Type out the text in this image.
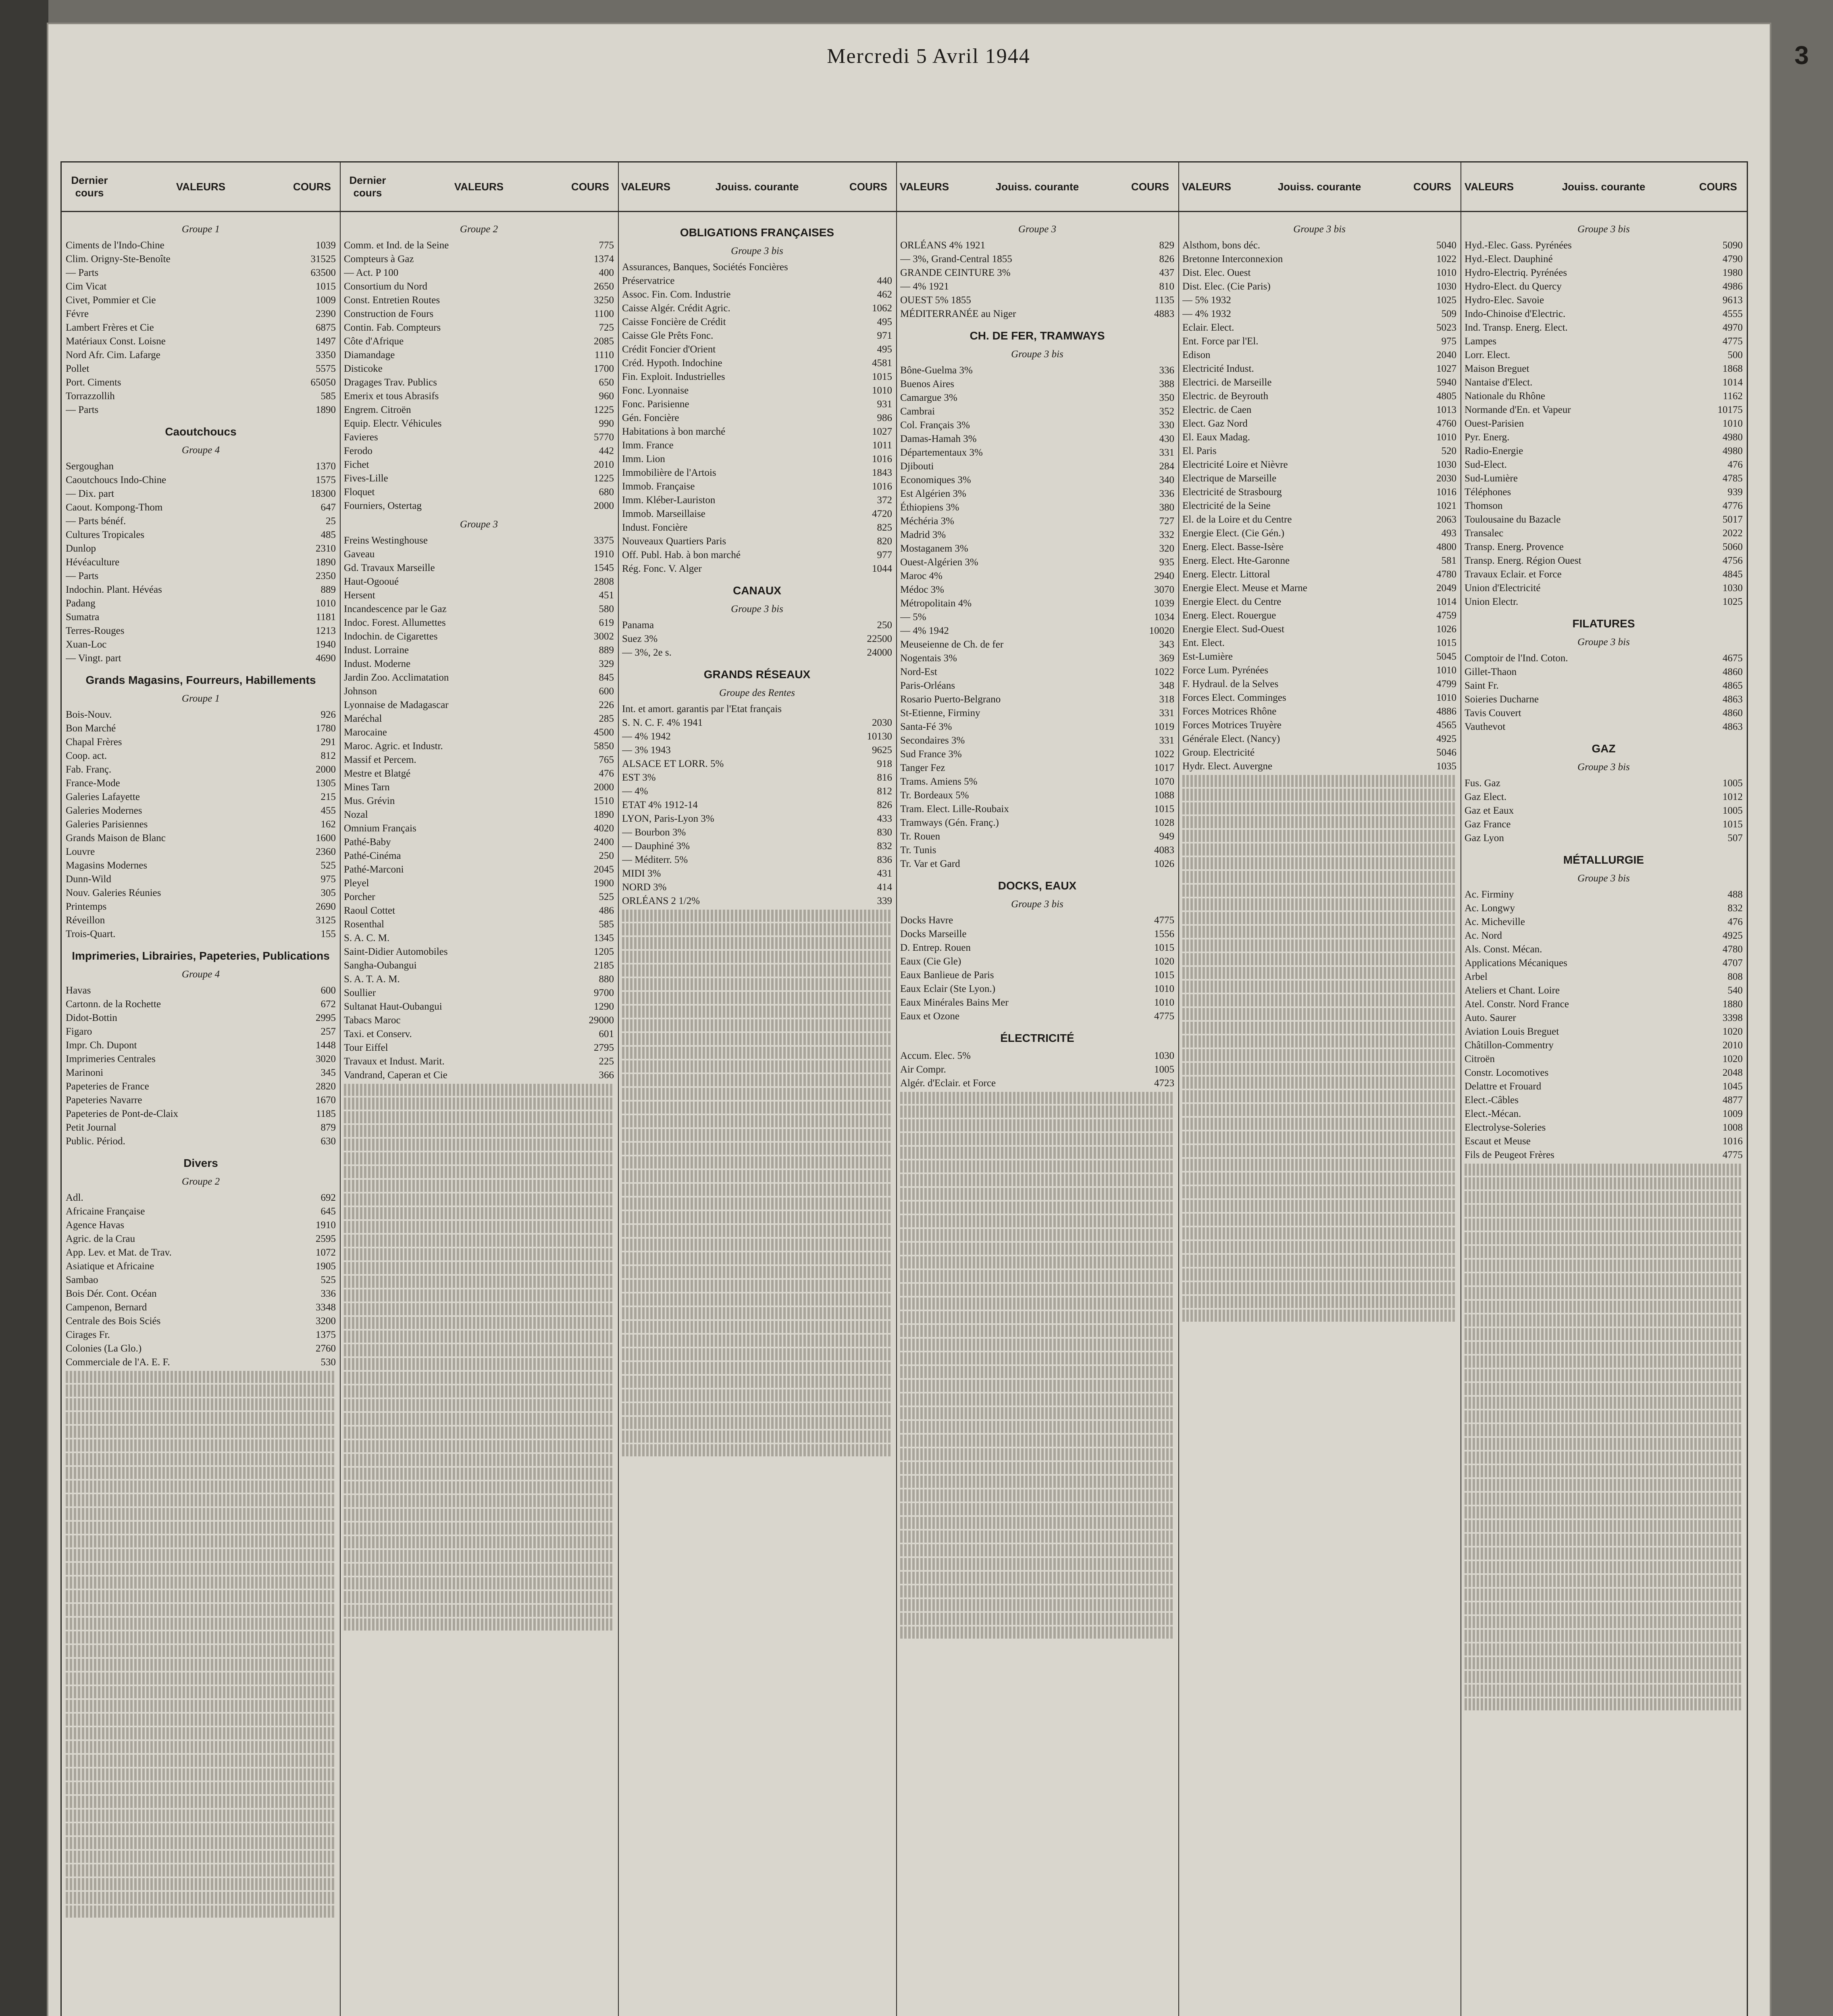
Mercredi 5 Avril 1944	3
Dernier cours
VALEURS	COURS
Groupe 1
Ciments de l'Indo-Chine	1039
Clim. Origny-Ste-Benoîte	31525
— Parts	63500
Cim Vicat	1015
Civet, Pommier et Cie	1009
Févre	2390
Lambert Frères et Cie	6875
Matériaux Const. Loisne	1497
Nord Afr. Cim. Lafarge	3350
Pollet	5575
Port. Ciments	65050
Torrazzollih	585
— Parts	1890
Caoutchoucs
Groupe 4
Sergoughan	1370
Caoutchoucs Indo-Chine	1575
— Dix. part	18300
Caout. Kompong-Thom	647
— Parts bénéf.	25
Cultures Tropicales	485
Dunlop	2310
Hévéaculture	1890
— Parts	2350
Indochin. Plant. Hévéas	889
Padang	1010
Sumatra	1181
Terres-Rouges	1213
Xuan-Loc	1940
— Vingt. part	4690
Grands Magasins, Fourreurs, Habillements
Groupe 1
Bois-Nouv.	926
Bon Marché	1780
Chapal Frères	291
Coop. act.	812
Fab. Franç.	2000
France-Mode	1305
Galeries Lafayette	215
Galeries Modernes	455
Galeries Parisiennes	162
Grands Maison de Blanc	1600
Louvre	2360
Magasins Modernes	525
Dunn-Wild	975
Nouv. Galeries Réunies	305
Printemps	2690
Réveillon	3125
Trois-Quart.	155
Imprimeries, Librairies, Papeteries, Publications
Groupe 4
Havas	600
Cartonn. de la Rochette	672
Didot-Bottin	2995
Figaro	257
Impr. Ch. Dupont	1448
Imprimeries Centrales	3020
Marinoni	345
Papeteries de France	2820
Papeteries Navarre	1670
Papeteries de Pont-de-Claix	1185
Petit Journal	879
Public. Périod.	630
Divers
Groupe 2
Adl.	692
Africaine Française	645
Agence Havas	1910
Agric. de la Crau	2595
App. Lev. et Mat. de Trav.	1072
Asiatique et Africaine	1905
Sambao	525
Bois Dér. Cont. Océan	336
Campenon, Bernard	3348
Centrale des Bois Sciés	3200
Cirages Fr.	1375
Colonies (La Glo.)	2760
Commerciale de l'A. E. F.	530
Dernier cours
VALEURS	COURS
Groupe 2
Comm. et Ind. de la Seine	775
Compteurs à Gaz	1374
— Act. P 100	400
Consortium du Nord	2650
Const. Entretien Routes	3250
Construction de Fours	1100
Contin. Fab. Compteurs	725
Côte d'Afrique	2085
Diamandage	1110
Disticoke	1700
Dragages Trav. Publics	650
Emerix et tous Abrasifs	960
Engrem. Citroën	1225
Equip. Electr. Véhicules	990
Favieres	5770
Ferodo	442
Fichet	2010
Fives-Lille	1225
Floquet	680
Fourniers, Ostertag	2000
Groupe 3
Freins Westinghouse	3375
Gaveau	1910
Gd. Travaux Marseille	1545
Haut-Ogooué	2808
Hersent	451
Incandescence par le Gaz	580
Indoc. Forest. Allumettes	619
Indochin. de Cigarettes	3002
Indust. Lorraine	889
Indust. Moderne	329
Jardin Zoo. Acclimatation	845
Johnson	600
Lyonnaise de Madagascar	226
Maréchal	285
Marocaine	4500
Maroc. Agric. et Industr.	5850
Massif et Percem.	765
Mestre et Blatgé	476
Mines Tarn	2000
Mus. Grévin	1510
Nozal	1890
Omnium Français	4020
Pathé-Baby	2400
Pathé-Cinéma	250
Pathé-Marconi	2045
Pleyel	1900
Porcher	525
Raoul Cottet	486
Rosenthal	585
S. A. C. M.	1345
Saint-Didier Automobiles	1205
Sangha-Oubangui	2185
S. A. T. A. M.	880
Soullier	9700
Sultanat Haut-Oubangui	1290
Tabacs Maroc	29000
Taxi. et Conserv.	601
Tour Eiffel	2795
Travaux et Indust. Marit.	225
Vandrand, Caperan et Cie	366
VALEURS	Jouiss. courante	COURS
OBLIGATIONS FRANÇAISES
Groupe 3 bis
Assurances, Banques, Sociétés Foncières
Préservatrice	440
Assoc. Fin. Com. Industrie	462
Caisse Algér. Crédit Agric.	1062
Caisse Foncière de Crédit	495
Caisse Gle Prêts Fonc.	971
Crédit Foncier d'Orient	495
Créd. Hypoth. Indochine	4581
Fin. Exploit. Industrielles	1015
Fonc. Lyonnaise	1010
Fonc. Parisienne	931
Gén. Foncière	986
Habitations à bon marché	1027
Imm. France	1011
Imm. Lion	1016
Immobilière de l'Artois	1843
Immob. Française	1016
Imm. Kléber-Lauriston	372
Immob. Marseillaise	4720
Indust. Foncière	825
Nouveaux Quartiers Paris	820
Off. Publ. Hab. à bon marché	977
Rég. Fonc. V. Alger	1044
CANAUX
Groupe 3 bis
Panama	250
Suez 3%	22500
— 3%, 2e s.	24000
GRANDS RÉSEAUX
Groupe des Rentes
Int. et amort. garantis par l'Etat français
S. N. C. F. 4% 1941	2030
— 4% 1942	10130
— 3% 1943	9625
ALSACE ET LORR. 5%	918
EST 3%	816
— 4%	812
ETAT 4% 1912-14	826
LYON, Paris-Lyon 3%	433
— Bourbon 3%	830
— Dauphiné 3%	832
— Méditerr. 5%	836
MIDI 3%	431
NORD 3%	414
ORLÉANS 2 1/2%	339
VALEURS	Jouiss. courante	COURS
Groupe 3
ORLÉANS 4% 1921	829
— 3%, Grand-Central 1855	826
GRANDE CEINTURE 3%	437
— 4% 1921	810
OUEST 5% 1855	1135
MÉDITERRANÉE au Niger	4883
CH. DE FER, TRAMWAYS
Groupe 3 bis
Bône-Guelma 3%	336
Buenos Aires	388
Camargue 3%	350
Cambrai	352
Col. Français 3%	330
Damas-Hamah 3%	430
Départementaux 3%	331
Djibouti	284
Economiques 3%	340
Est Algérien 3%	336
Éthiopiens 3%	380
Méchéria 3%	727
Madrid 3%	332
Mostaganem 3%	320
Ouest-Algérien 3%	935
Maroc 4%	2940
Médoc 3%	3070
Métropolitain 4%	1039
— 5%	1034
— 4% 1942	10020
Meuseienne de Ch. de fer	343
Nogentais 3%	369
Nord-Est	1022
Paris-Orléans	348
Rosario Puerto-Belgrano	318
St-Etienne, Firminy	331
Santa-Fé 3%	1019
Secondaires 3%	331
Sud France 3%	1022
Tanger Fez	1017
Trams. Amiens 5%	1070
Tr. Bordeaux 5%	1088
Tram. Elect. Lille-Roubaix	1015
Tramways (Gén. Franç.)	1028
Tr. Rouen	949
Tr. Tunis	4083
Tr. Var et Gard	1026
DOCKS, EAUX
Groupe 3 bis
Docks Havre	4775
Docks Marseille	1556
D. Entrep. Rouen	1015
Eaux (Cie Gle)	1020
Eaux Banlieue de Paris	1015
Eaux Eclair (Ste Lyon.)	1010
Eaux Minérales Bains Mer	1010
Eaux et Ozone	4775
ÉLECTRICITÉ
Accum. Elec. 5%	1030
Air Compr.	1005
Algér. d'Eclair. et Force	4723
VALEURS	Jouiss. courante	COURS
Groupe 3 bis
Alsthom, bons déc.	5040
Bretonne Interconnexion	1022
Dist. Elec. Ouest	1010
Dist. Elec. (Cie Paris)	1030
— 5% 1932	1025
— 4% 1932	509
Eclair. Elect.	5023
Ent. Force par l'El.	975
Edison	2040
Electricité Indust.	1027
Electrici. de Marseille	5940
Electric. de Beyrouth	4805
Electric. de Caen	1013
Elect. Gaz Nord	4760
El. Eaux Madag.	1010
El. Paris	520
Electricité Loire et Nièvre	1030
Electrique de Marseille	2030
Electricité de Strasbourg	1016
Electricité de la Seine	1021
El. de la Loire et du Centre	2063
Energie Elect. (Cie Gén.)	493
Energ. Elect. Basse-Isère	4800
Energ. Elect. Hte-Garonne	581
Energ. Electr. Littoral	4780
Energie Elect. Meuse et Marne	2049
Energie Elect. du Centre	1014
Energ. Elect. Rouergue	4759
Energie Elect. Sud-Ouest	1026
Ent. Elect.	1015
Est-Lumière	5045
Force Lum. Pyrénées	1010
F. Hydraul. de la Selves	4799
Forces Elect. Comminges	1010
Forces Motrices Rhône	4886
Forces Motrices Truyère	4565
Générale Elect. (Nancy)	4925
Group. Electricité	5046
Hydr. Elect. Auvergne	1035
VALEURS	Jouiss. courante	COURS
Groupe 3 bis
Hyd.-Elec. Gass. Pyrénées	5090
Hyd.-Elect. Dauphiné	4790
Hydro-Electriq. Pyrénées	1980
Hydro-Elect. du Quercy	4986
Hydro-Elec. Savoie	9613
Indo-Chinoise d'Electric.	4555
Ind. Transp. Energ. Elect.	4970
Lampes	4775
Lorr. Elect.	500
Maison Breguet	1868
Nantaise d'Elect.	1014
Nationale du Rhône	1162
Normande d'En. et Vapeur	10175
Ouest-Parisien	1010
Pyr. Energ.	4980
Radio-Energie	4980
Sud-Elect.	476
Sud-Lumière	4785
Téléphones	939
Thomson	4776
Toulousaine du Bazacle	5017
Transalec	2022
Transp. Energ. Provence	5060
Transp. Energ. Région Ouest	4756
Travaux Eclair. et Force	4845
Union d'Electricité	1030
Union Electr.	1025
FILATURES
Groupe 3 bis
Comptoir de l'Ind. Coton.	4675
Gillet-Thaon	4860
Saint Fr.	4865
Soieries Ducharne	4863
Tavis Couvert	4860
Vauthevot	4863
GAZ
Groupe 3 bis
Fus. Gaz	1005
Gaz Elect.	1012
Gaz et Eaux	1005
Gaz France	1015
Gaz Lyon	507
MÉTALLURGIE
Groupe 3 bis
Ac. Firminy	488
Ac. Longwy	832
Ac. Micheville	476
Ac. Nord	4925
Als. Const. Mécan.	4780
Applications Mécaniques	4707
Arbel	808
Ateliers et Chant. Loire	540
Atel. Constr. Nord France	1880
Auto. Saurer	3398
Aviation Louis Breguet	1020
Châtillon-Commentry	2010
Citroën	1020
Constr. Locomotives	2048
Delattre et Frouard	1045
Elect.-Câbles	4877
Elect.-Mécan.	1009
Electrolyse-Soleries	1008
Escaut et Meuse	1016
Fils de Peugeot Frères	4775
